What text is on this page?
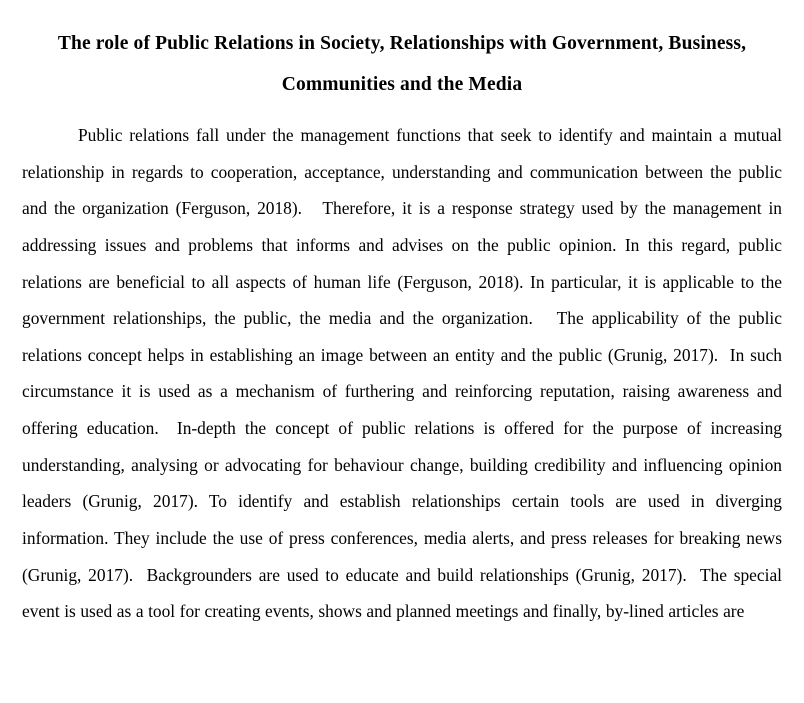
The role of Public Relations in Society, Relationships with Government, Business, Communities and the Media

Public relations fall under the management functions that seek to identify and maintain a mutual relationship in regards to cooperation, acceptance, understanding and communication between the public and the organization (Ferguson, 2018).   Therefore, it is a response strategy used by the management in addressing issues and problems that informs and advises on the public opinion. In this regard, public relations are beneficial to all aspects of human life (Ferguson, 2018). In particular, it is applicable to the government relationships, the public, the media and the organization.   The applicability of the public relations concept helps in establishing an image between an entity and the public (Grunig, 2017).  In such circumstance it is used as a mechanism of furthering and reinforcing reputation, raising awareness and offering education.  In-depth the concept of public relations is offered for the purpose of increasing understanding, analysing or advocating for behaviour change, building credibility and influencing opinion leaders (Grunig, 2017). To identify and establish relationships certain tools are used in diverging information. They include the use of press conferences, media alerts, and press releases for breaking news (Grunig, 2017).  Backgrounders are used to educate and build relationships (Grunig, 2017).  The special event is used as a tool for creating events, shows and planned meetings and finally, by-lined articles are
